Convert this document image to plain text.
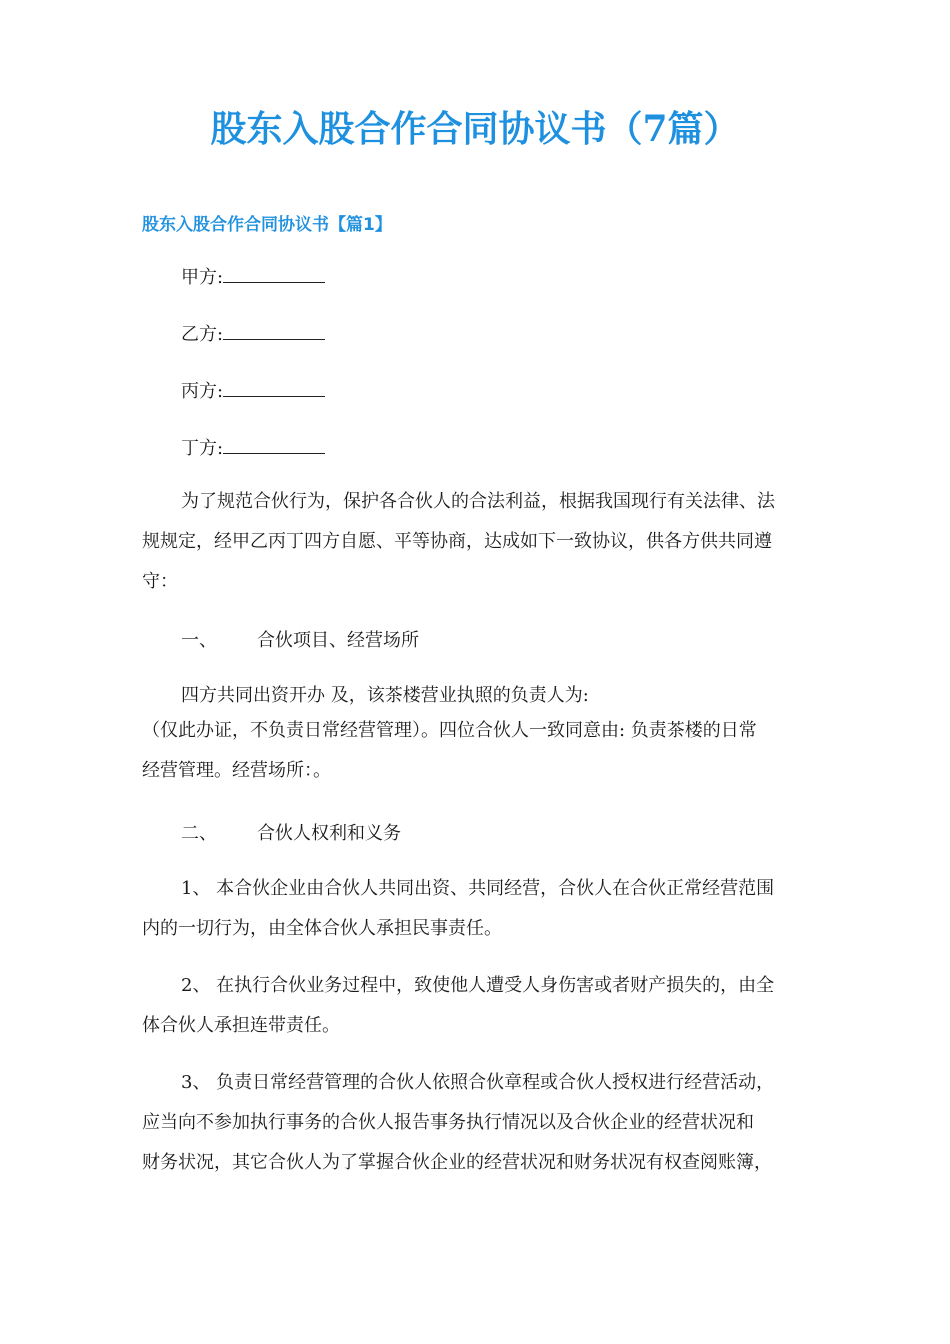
股东入股合作合同协议书（7篇）
股东入股合作合同协议书【篇1】
甲方:
乙方:
丙方:
丁方:
为了规范合伙行为，保护各合伙人的合法利益，根据我国现行有关法律、法
规规定，经甲乙丙丁四方自愿、平等协商，达成如下一致协议，供各方供共同遵
守：
一、 合伙项目、经营场所
四方共同出资开办 及，该茶楼营业执照的负责人为:
（仅此办证，不负责日常经营管理）。四位合伙人一致同意由: 负责茶楼的日常
经营管理。经营场所：。
二、 合伙人权利和义务
1、 本合伙企业由合伙人共同出资、共同经营，合伙人在合伙正常经营范围
内的一切行为，由全体合伙人承担民事责任。
2、 在执行合伙业务过程中，致使他人遭受人身伤害或者财产损失的，由全
体合伙人承担连带责任。
3、 负责日常经营管理的合伙人依照合伙章程或合伙人授权进行经营活动，
应当向不参加执行事务的合伙人报告事务执行情况以及合伙企业的经营状况和
财务状况，其它合伙人为了掌握合伙企业的经营状况和财务状况有权查阅账簿，
